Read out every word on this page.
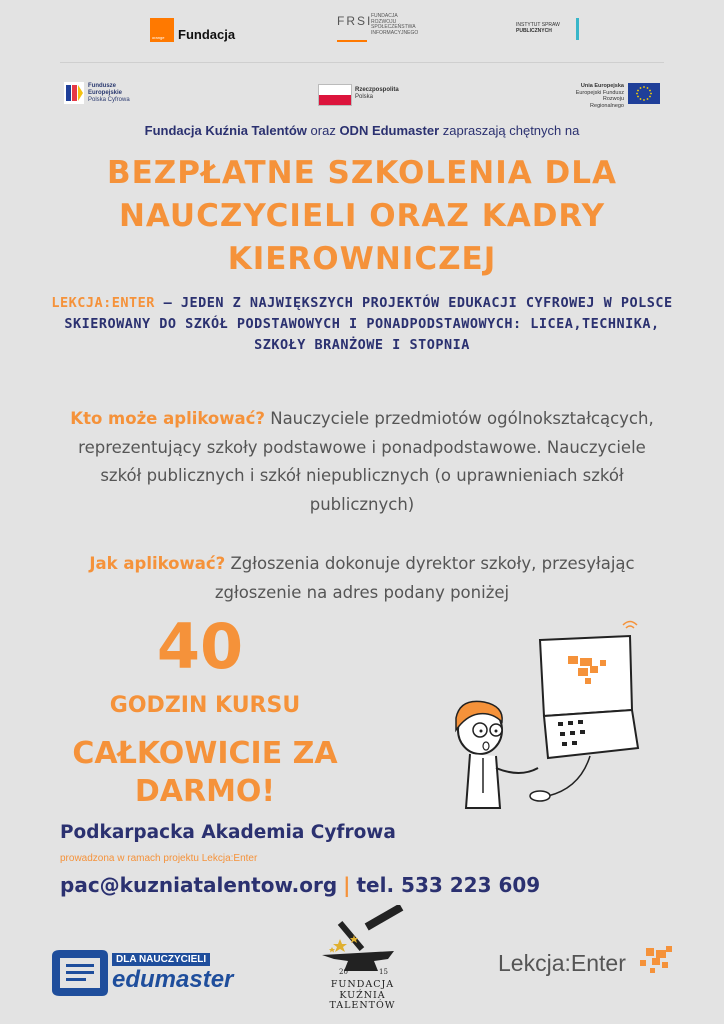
orange Fundacja
FRSI
FUNDACJA
ROZWOJU
SPOŁECZEŃSTWA
INFORMACYJNEGO
INSTYTUT SPRAW
PUBLICZNYCH
Fundusze
Europejskie
Polska Cyfrowa
Rzeczpospolita
Polska
Unia Europejska
Europejski Fundusz
Rozwoju Regionalnego
Fundacja Kuźnia Talentów oraz ODN Edumaster zapraszają chętnych na
BEZPŁATNE SZKOLENIA DLA
NAUCZYCIELI ORAZ KADRY
KIEROWNICZEJ
LEKCJA:ENTER – JEDEN Z NAJWIĘKSZYCH PROJEKTÓW EDUKACJI CYFROWEJ W POLSCE SKIEROWANY DO SZKÓŁ PODSTAWOWYCH I PONADPODSTAWOWYCH: LICEA,TECHNIKA, SZKOŁY BRANŻOWE I STOPNIA
Kto może aplikować? Nauczyciele przedmiotów ogólnokształcących, reprezentujący szkoły podstawowe i ponadpodstawowe. Nauczyciele szkół publicznych i szkół niepublicznych (o uprawnieniach szkół publicznych)
Jak aplikować? Zgłoszenia dokonuje dyrektor szkoły, przesyłając zgłoszenie na adres podany poniżej
40
GODZIN KURSU
CAŁKOWICIE ZA DARMO!
Podkarpacka Akademia Cyfrowa
prowadzona w ramach projektu Lekcja:Enter
pac@kuzniatalentow.org | tel. 533 223 609
DLA NAUCZYCIELI
edumaster	20	15
FUNDACJA
KUŹNIA
TALENTÓW
Lekcja:Enter
